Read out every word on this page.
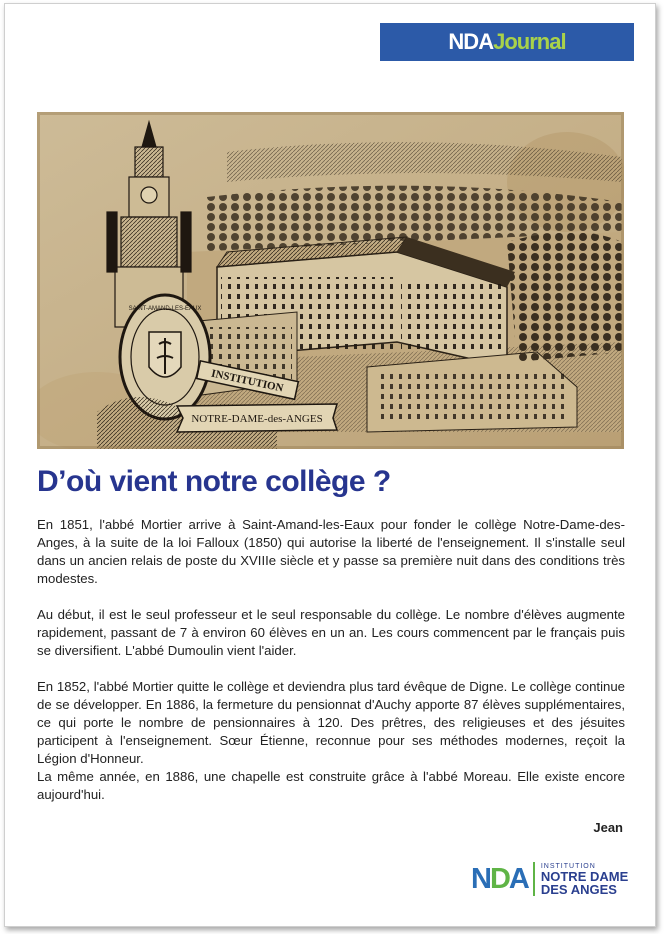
NDA Journal
SAINT-AMAND-LES-EAUX
INSTITUTION
NOTRE-DAME-des-ANGES
D’où vient notre collège ?

En 1851, l'abbé Mortier arrive à Saint-Amand-les-Eaux pour fonder le collège Notre-Dame-des-Anges, à la suite de la loi Falloux (1850) qui autorise la liberté de l'enseignement. Il s'installe seul dans un ancien relais de poste du XVIIIe siècle et y passe sa première nuit dans des conditions très modestes.

Au début, il est le seul professeur et le seul responsable du collège. Le nombre d'élèves augmente rapidement, passant de 7 à environ 60 élèves en un an. Les cours commencent par le français puis se diversifient. L'abbé Dumoulin vient l'aider.

En 1852, l'abbé Mortier quitte le collège et deviendra plus tard évêque de Digne. Le collège continue de se développer. En 1886, la fermeture du pensionnat d'Auchy apporte 87 élèves supplémentaires, ce qui porte le nombre de pensionnaires à 120. Des prêtres, des religieuses et des jésuites participent à l'enseignement. Sœur Étienne, reconnue pour ses méthodes modernes, reçoit la Légion d'Honneur.

La même année, en 1886, une chapelle est construite grâce à l'abbé Moreau. Elle existe encore aujourd'hui.

Jean
NDA INSTITUTION
NOTRE DAME
DES ANGES
